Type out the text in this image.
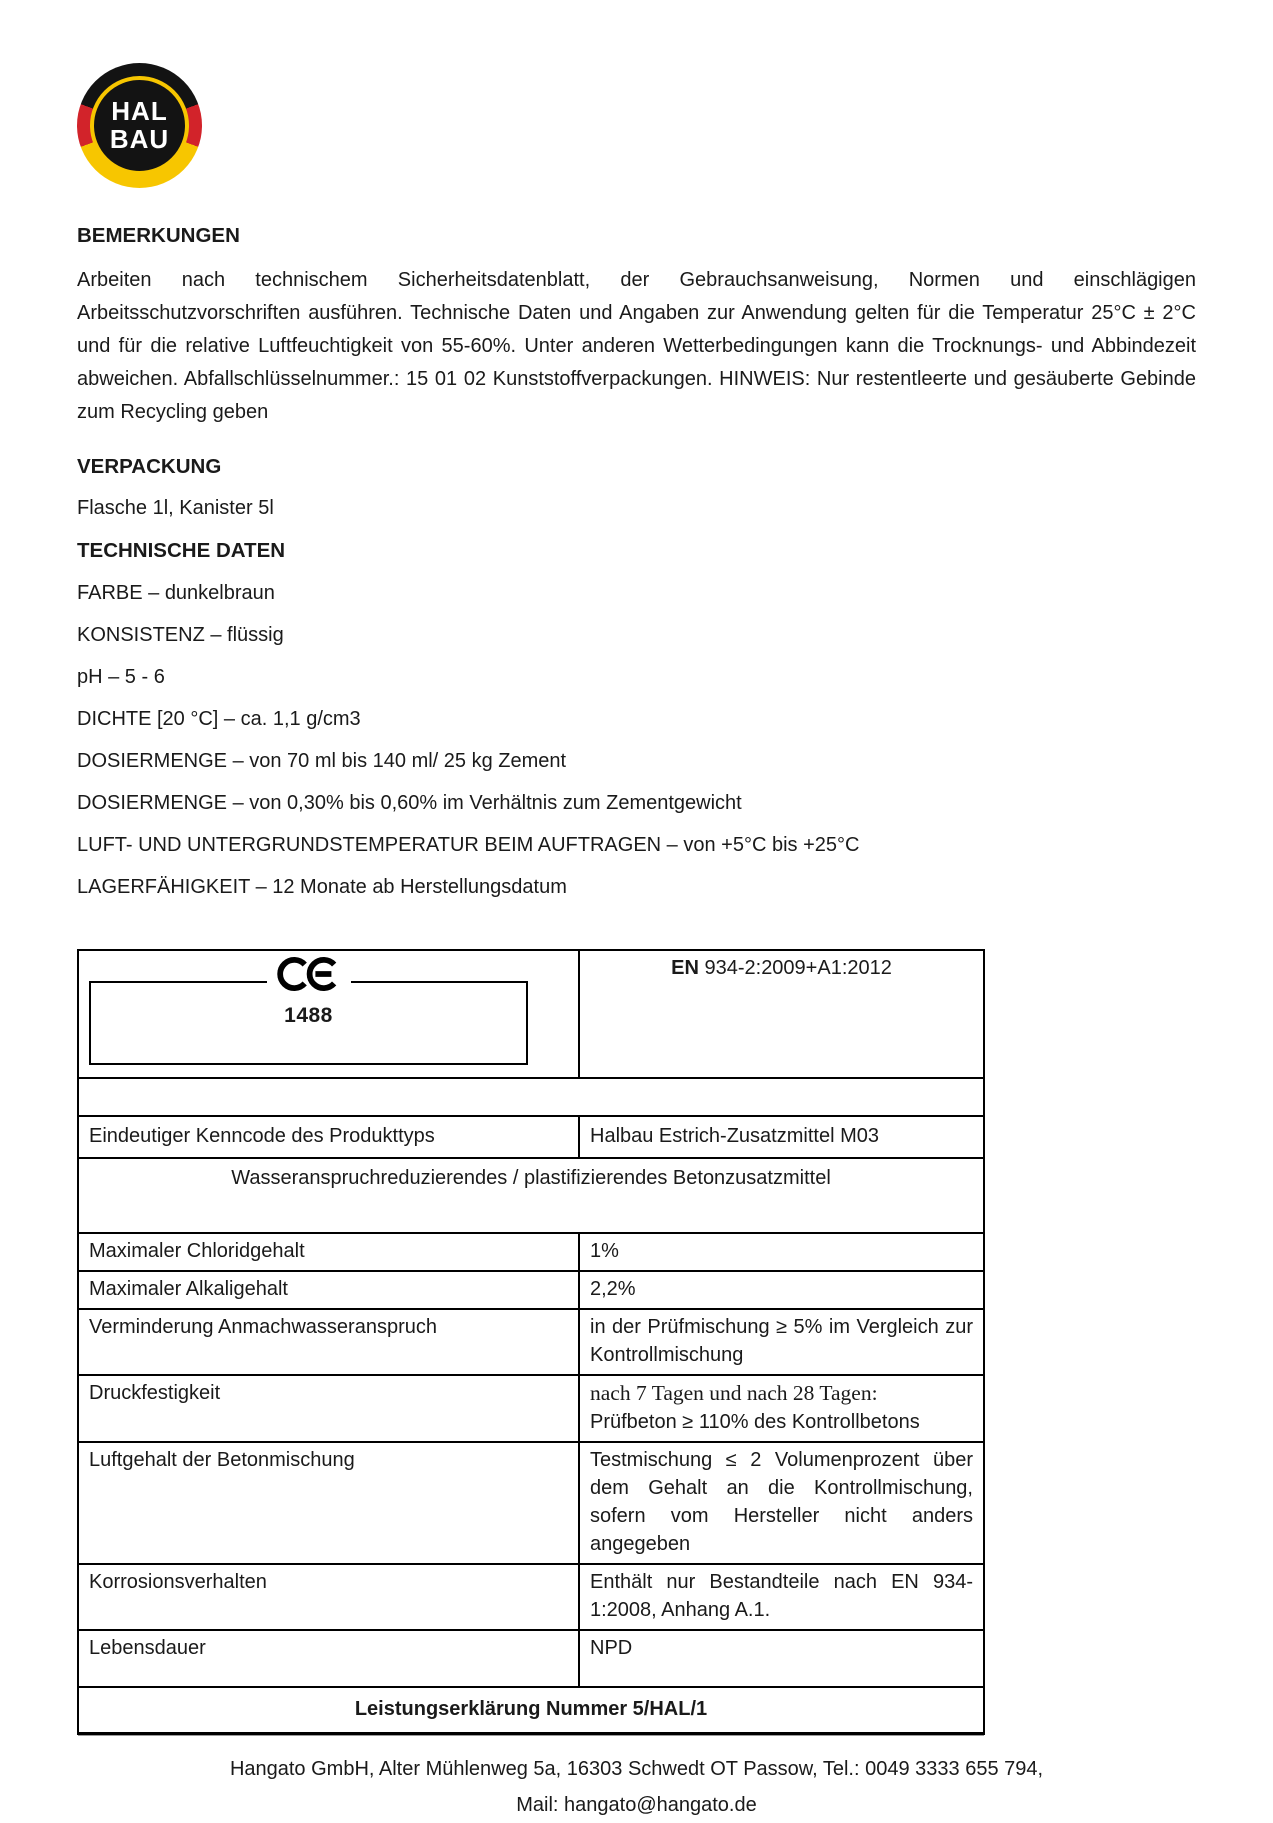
HAL
BAU

BEMERKUNGEN

Arbeiten nach technischem Sicherheitsdatenblatt, der Gebrauchsanweisung, Normen und einschlägigen Arbeitsschutzvorschriften ausführen. Technische Daten und Angaben zur Anwendung gelten für die Temperatur 25°C ± 2°C und für die relative Luftfeuchtigkeit von 55-60%. Unter anderen Wetterbedingungen kann die Trocknungs- und Abbindezeit abweichen. Abfallschlüsselnummer.: 15 01 02 Kunststoffverpackungen. HINWEIS: Nur restentleerte und gesäuberte Gebinde zum Recycling geben

VERPACKUNG

Flasche 1l, Kanister 5l

TECHNISCHE DATEN

FARBE – dunkelbraun

KONSISTENZ – flüssig

pH – 5 - 6

DICHTE [20 °C] – ca. 1,1 g/cm3

DOSIERMENGE – von 70 ml bis 140 ml/ 25 kg Zement

DOSIERMENGE – von 0,30% bis 0,60% im Verhältnis zum Zementgewicht

LUFT- UND UNTERGRUNDSTEMPERATUR BEIM AUFTRAGEN – von +5°C bis +25°C

LAGERFÄHIGKEIT – 12 Monate ab Herstellungsdatum

1488	EN 934-2:2009+A1:2012

Eindeutiger Kenncode des Produkttyps	Halbau Estrich-Zusatzmittel M03
Wasseranspruchreduzierendes / plastifizierendes Betonzusatzmittel	
Maximaler Chloridgehalt	1%
Maximaler Alkaligehalt	2,2%
Verminderung Anmachwasseranspruch	in der Prüfmischung ≥ 5% im Vergleich zur Kontrollmischung
Druckfestigkeit	nach 7 Tagen und nach 28 Tagen:
Prüfbeton ≥ 110% des Kontrollbetons

Luftgehalt der Betonmischung	Testmischung ≤ 2 Volumenprozent über dem Gehalt an die Kontrollmischung, sofern vom Hersteller nicht anders angegeben
Korrosionsverhalten	Enthält nur Bestandteile nach EN 934-1:2008, Anhang A.1.
Lebensdauer	NPD
Leistungserklärung Nummer 5/HAL/1	
Hangato GmbH, Alter Mühlenweg 5a, 16303 Schwedt OT Passow, Tel.: 0049 3333 655 794,
Mail: hangato@hangato.de
